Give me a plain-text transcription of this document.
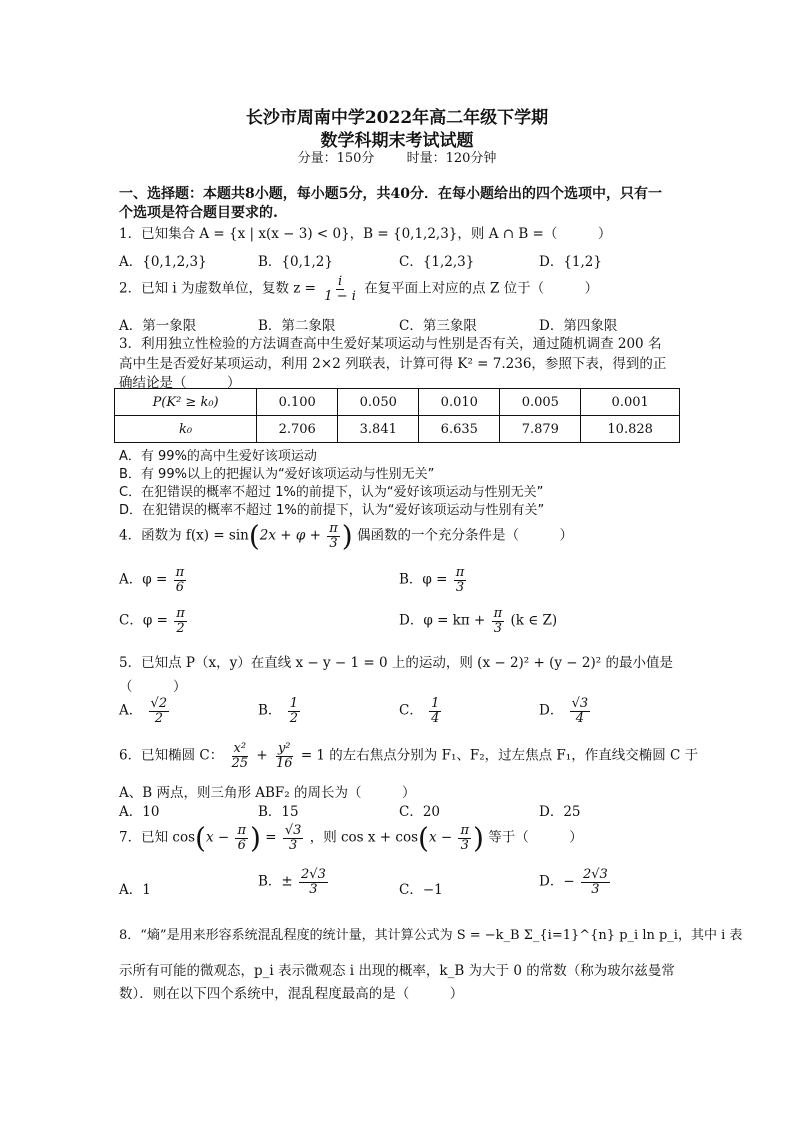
长沙市周南中学2022年高二年级下学期
数学科期末考试试题
分量：150分 时量：120分钟
一、选择题：本题共8小题，每小题5分，共40分．在每小题给出的四个选项中，只有一
个选项是符合题目要求的.
1．已知集合 A = {x | x(x − 3) < 0}，B = {0,1,2,3}，则 A ∩ B =（　　　）
A．{0,1,2,3}	B．{0,1,2}	C．{1,2,3}	D．{1,2}
2．已知 i 为虚数单位，复数 $z = \frac{i}{1 - i}$ 在复平面上对应的点 Z 位于（　　　）
A．第一象限	B．第二象限	C．第三象限	D．第四象限
3．利用独立性检验的方法调查高中生爱好某项运动与性别是否有关，通过随机调查 200 名
高中生是否爱好某项运动，利用 2×2 列联表，计算可得 K² = 7.236，参照下表，得到的正
确结论是（　　　）
P(K² ≥ k₀)	0.100	0.050	0.010	0.005	0.001
k₀	2.706	3.841	6.635	7.879	10.828
A．有 99%的高中生爱好该项运动
B．有 99%以上的把握认为“爱好该项运动与性别无关”
C．在犯错误的概率不超过 1%的前提下，认为“爱好该项运动与性别无关”
D．在犯错误的概率不超过 1%的前提下，认为“爱好该项运动与性别有关”
4．函数为 $f(x) = \sin(2x + \varphi + \frac{\pi}{3}$ ) 偶函数的一个充分条件是（　　　）
A．$\varphi = \frac{\pi}{6}$	B．$\varphi = \frac{\pi}{3}$
C．$\varphi = \frac{\pi}{2}$	D．$\varphi = k\pi + \frac{\pi}{3} (k$ ∈ Z)
5．已知点 P（x，y）在直线 x − y − 1 = 0 上的运动，则 (x − 2)² + (y − 2)² 的最小值是
（　　　）
A． $\frac{√2}{2}$	B． $\frac{1}{2}$	C． $\frac{1}{4}$	D． $\frac{√3}{4}$
6．已知椭圆 C： $\frac{\text{x²}}{25} + \frac{\text{y²}}{16} = 1$ 的左右焦点分别为 F₁、F₂，过左焦点 F₁，作直线交椭圆 C 于
A、B 两点，则三角形 ABF₂ 的周长为（　　　）
A．10	B．15	C．20	D．25
7．已知 $\cos(x - \frac{\pi}{6}$ ) = $\frac{√3}{3}$ ，则 $\cos x + \cos(x - \frac{\pi}{3}$ ) 等于（　　　）
A．1
B．± $\frac{2√3}{3}$	C．−1
D．− $\frac{2√3}{3}$
8．“熵”是用来形容系统混乱程度的统计量，其计算公式为 S = −k_B Σ_{i=1}^{n} p_i ln p_i，其中 i 表
示所有可能的微观态，p_i 表示微观态 i 出现的概率，k_B 为大于 0 的常数（称为玻尔兹曼常
数）．则在以下四个系统中，混乱程度最高的是（　　　）
